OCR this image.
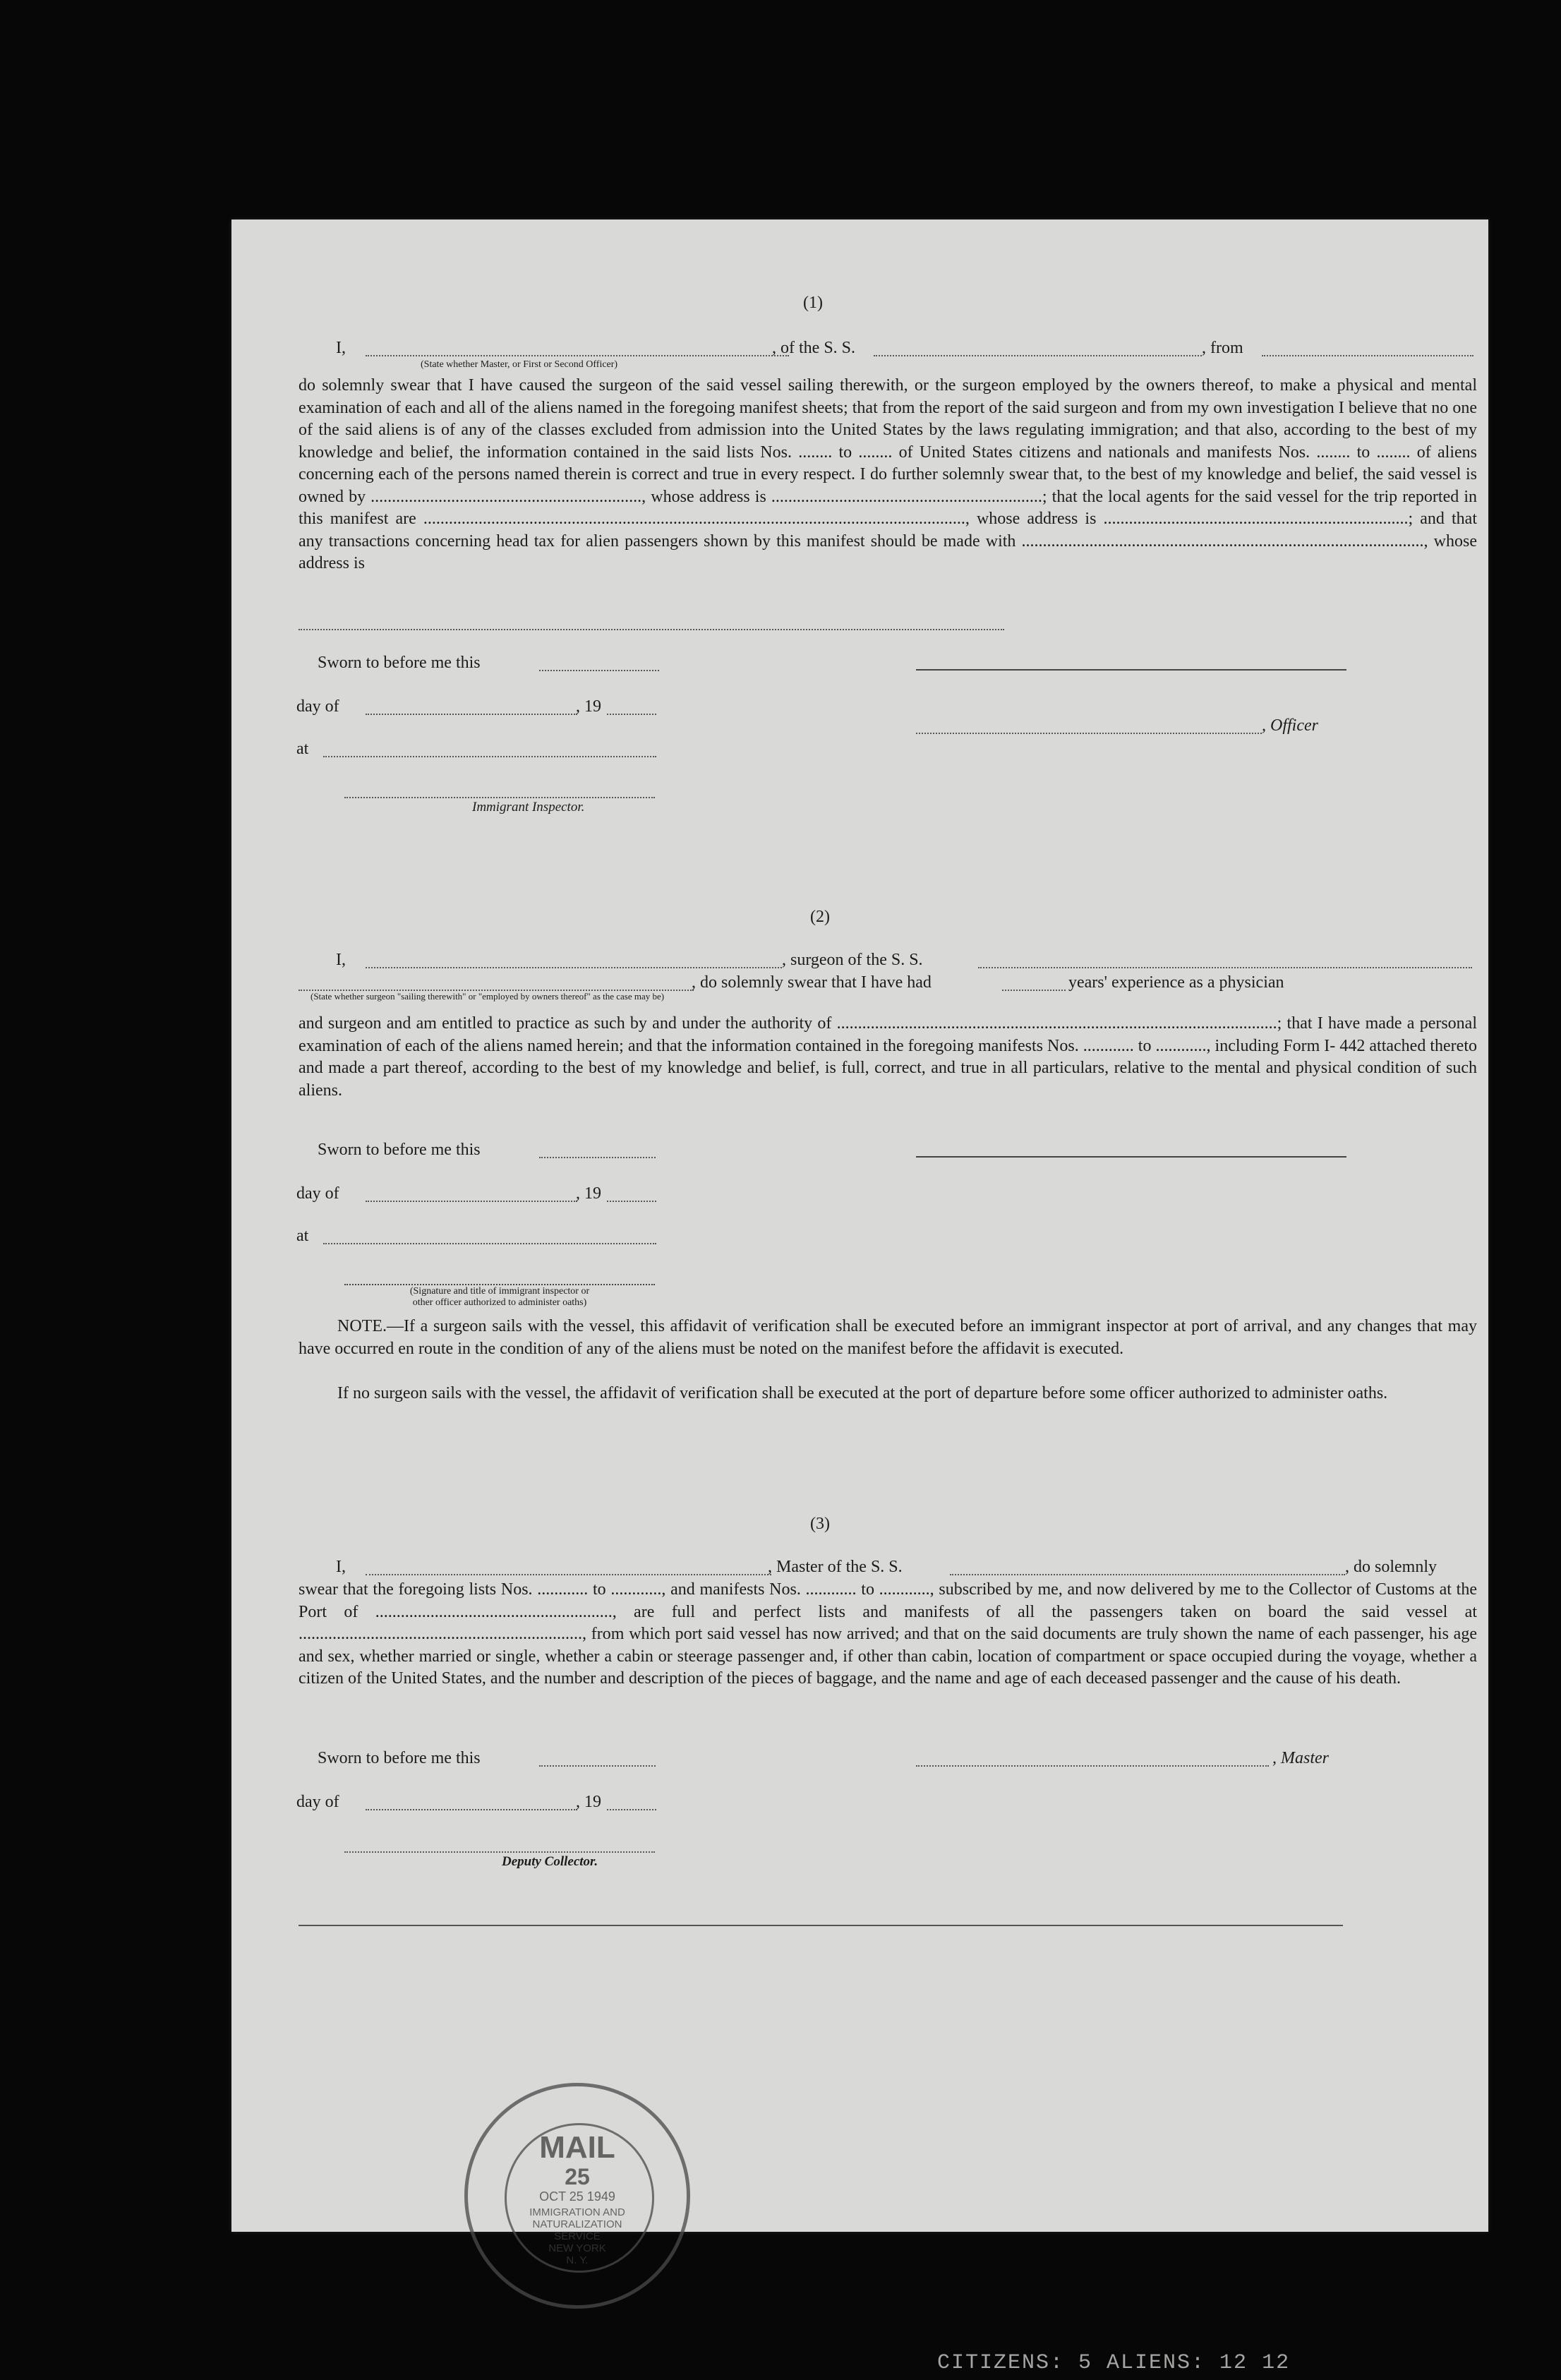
CITIZENS: 5 ALIENS: 12 12
(1)
I,	, of the S. S.	, from
(State whether Master, or First or Second Officer)
do solemnly swear that I have caused the surgeon of the said vessel sailing therewith, or the surgeon employed by the owners thereof, to make a physical and mental examination of each and all of the aliens named in the foregoing manifest sheets; that from the report of the said surgeon and from my own investigation I believe that no one of the said aliens is of any of the classes excluded from admission into the United States by the laws regulating immigration; and that also, according to the best of my knowledge and belief, the information contained in the said lists Nos. ........ to ........ of United States citizens and nationals and manifests Nos. ........ to ........ of aliens concerning each of the persons named therein is correct and true in every respect. I do further solemnly swear that, to the best of my knowledge and belief, the said vessel is owned by ................................................................, whose address is ................................................................; that the local agents for the said vessel for the trip reported in this manifest are ................................................................................................................................, whose address is ........................................................................; and that any transactions concerning head tax for alien passengers shown by this manifest should be made with ..............................................................................................., whose address is
Sworn to before me this
day of	, 19
, Officer
at
Immigrant Inspector.
(2)
I,	, surgeon of the S. S.
, do solemnly swear that I have had	years' experience as a physician
(State whether surgeon "sailing therewith" or "employed by owners thereof" as the case may be)
and surgeon and am entitled to practice as such by and under the authority of ........................................................................................................; that I have made a personal examination of each of the aliens named herein; and that the information contained in the foregoing manifests Nos. ............ to ............, including Form I- 442 attached thereto and made a part thereof, according to the best of my knowledge and belief, is full, correct, and true in all particulars, relative to the mental and physical condition of such aliens.
Sworn to before me this
day of	, 19
at
(Signature and title of immigrant inspector or
other officer authorized to administer oaths)
NOTE.—If a surgeon sails with the vessel, this affidavit of verification shall be executed before an immigrant inspector at port of arrival, and any changes that may have occurred en route in the condition of any of the aliens must be noted on the manifest before the affidavit is executed.
If no surgeon sails with the vessel, the affidavit of verification shall be executed at the port of departure before some officer authorized to administer oaths.
(3)
I,	, Master of the S. S.	, do solemnly
swear that the foregoing lists Nos. ............ to ............, and manifests Nos. ............ to ............, subscribed by me, and now delivered by me to the Collector of Customs at the Port of ........................................................, are full and perfect lists and manifests of all the passengers taken on board the said vessel at ..................................................................., from which port said vessel has now arrived; and that on the said documents are truly shown the name of each passenger, his age and sex, whether married or single, whether a cabin or steerage passenger and, if other than cabin, location of compartment or space occupied during the voyage, whether a citizen of the United States, and the number and description of the pieces of baggage, and the name and age of each deceased passenger and the cause of his death.
Sworn to before me this	, Master
day of	, 19
Deputy Collector.
MAIL
25
OCT 25 1949
IMMIGRATION AND
NATURALIZATION
SERVICE
NEW YORK
N. Y.
